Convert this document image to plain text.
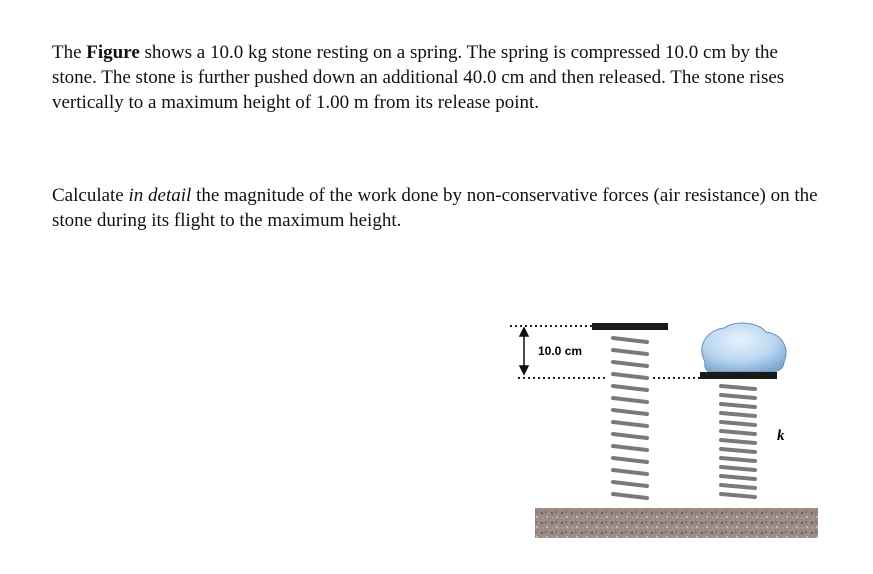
The Figure shows a 10.0 kg stone resting on a spring. The spring is compressed 10.0 cm by the stone. The stone is further pushed down an additional 40.0 cm and then released. The stone rises vertically to a maximum height of 1.00 m from its release point.

Calculate in detail the magnitude of the work done by non-conservative forces (air resistance) on the stone during its flight to the maximum height.

10.0 cm
k
